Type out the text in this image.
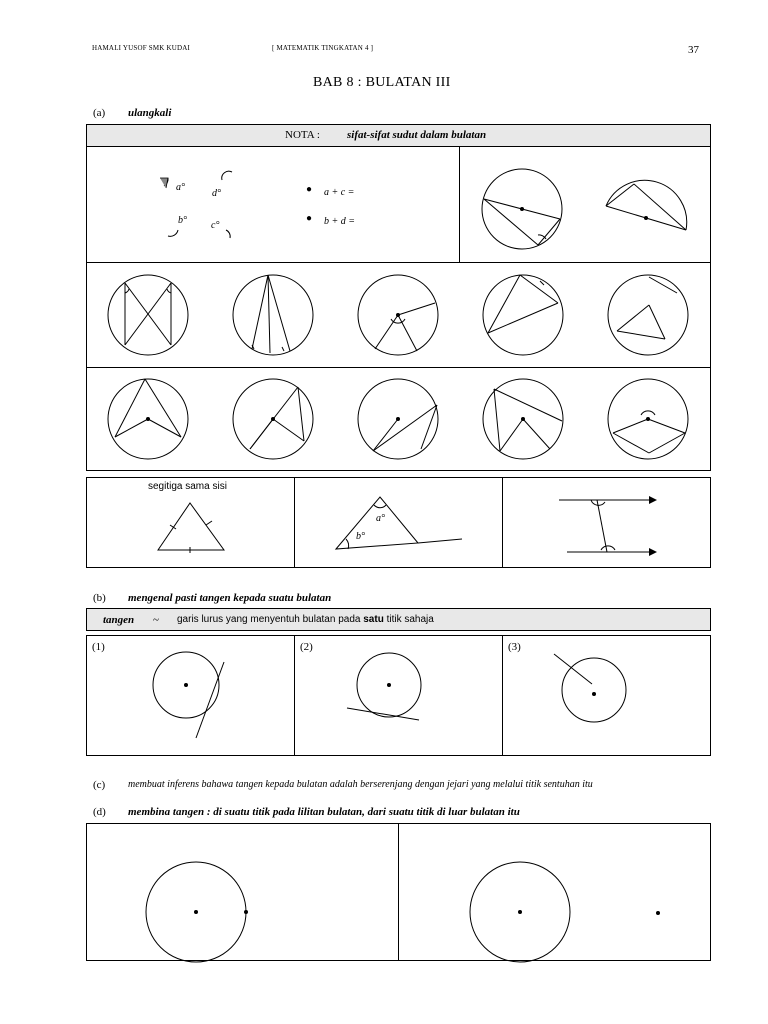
HAMALI YUSOF SMK KUDAI	[ MATEMATIK TINGKATAN 4 ]	37
BAB 8 : BULATAN III
(a) ulangkali
NOTA : sifat-sifat sudut dalam bulatan
a°
d°
b° c°
● a + c =
● b + d =
segitiga sama sisi
a°
b°
(b) mengenal pasti tangen kepada suatu bulatan
tangen ~ garis lurus yang menyentuh bulatan pada satu titik sahaja
(1)	(2)	(3)
(c) membuat inferens bahawa tangen kepada bulatan adalah berserenjang dengan jejari yang melalui titik sentuhan itu
(d) membina tangen : di suatu titik pada lilitan bulatan, dari suatu titik di luar bulatan itu
